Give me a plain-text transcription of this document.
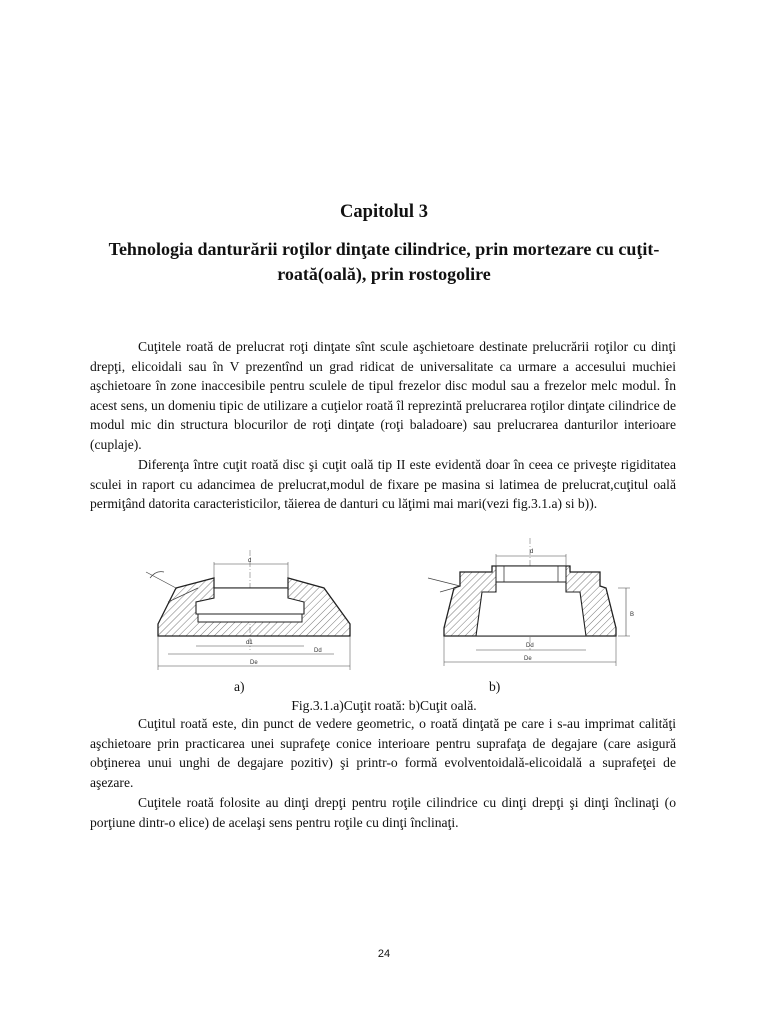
Capitolul 3
Tehnologia danturării roţilor dinţate cilindrice, prin mortezare cu cuţit-roată(oală), prin rostogolire

Cuţitele roată de prelucrat roţi dinţate sînt scule aşchietoare destinate prelucrării roţilor cu dinţi drepţi, elicoidali sau în V prezentînd un grad ridicat de universalitate ca urmare a accesului muchiei aşchietoare în zone inaccesibile pentru sculele de tipul frezelor disc modul sau a frezelor melc modul. În acest sens, un domeniu tipic de utilizare a cuţielor roată îl reprezintă prelucrarea roţilor dinţate cilindrice de modul mic din structura blocurilor de roţi dinţate (roţi baladoare) sau prelucrarea danturilor interioare (cuplaje).

Diferenţa între cuţit roată disc şi cuţit oală tip II este evidentă doar în ceea ce priveşte rigiditatea sculei in raport cu adancimea de prelucrat,modul de fixare pe masina si latimea de prelucrat,cuţitul oală permiţând datorita caracteristicilor, tăierea de danturi cu lăţimi mai mari(vezi fig.3.1.a) si b)).

d
d1
Dd
De
d
Dd
De
B
a)	b)
Fig.3.1.a)Cuţit roată: b)Cuţit oală.

Cuţitul roată este, din punct de vedere geometric, o roată dinţată pe care i s-au imprimat calităţi aşchietoare prin practicarea unei suprafeţe conice interioare pentru suprafaţa de degajare (care asigură obţinerea unui unghi de degajare pozitiv) şi printr-o formă evolventoidală-elicoidală a suprafeţei de aşezare.

Cuţitele roată folosite au dinţi drepţi pentru roţile cilindrice cu dinţi drepţi şi dinţi înclinaţi (o porţiune dintr-o elice) de acelaşi sens pentru roţile cu dinţi înclinaţi.

24
